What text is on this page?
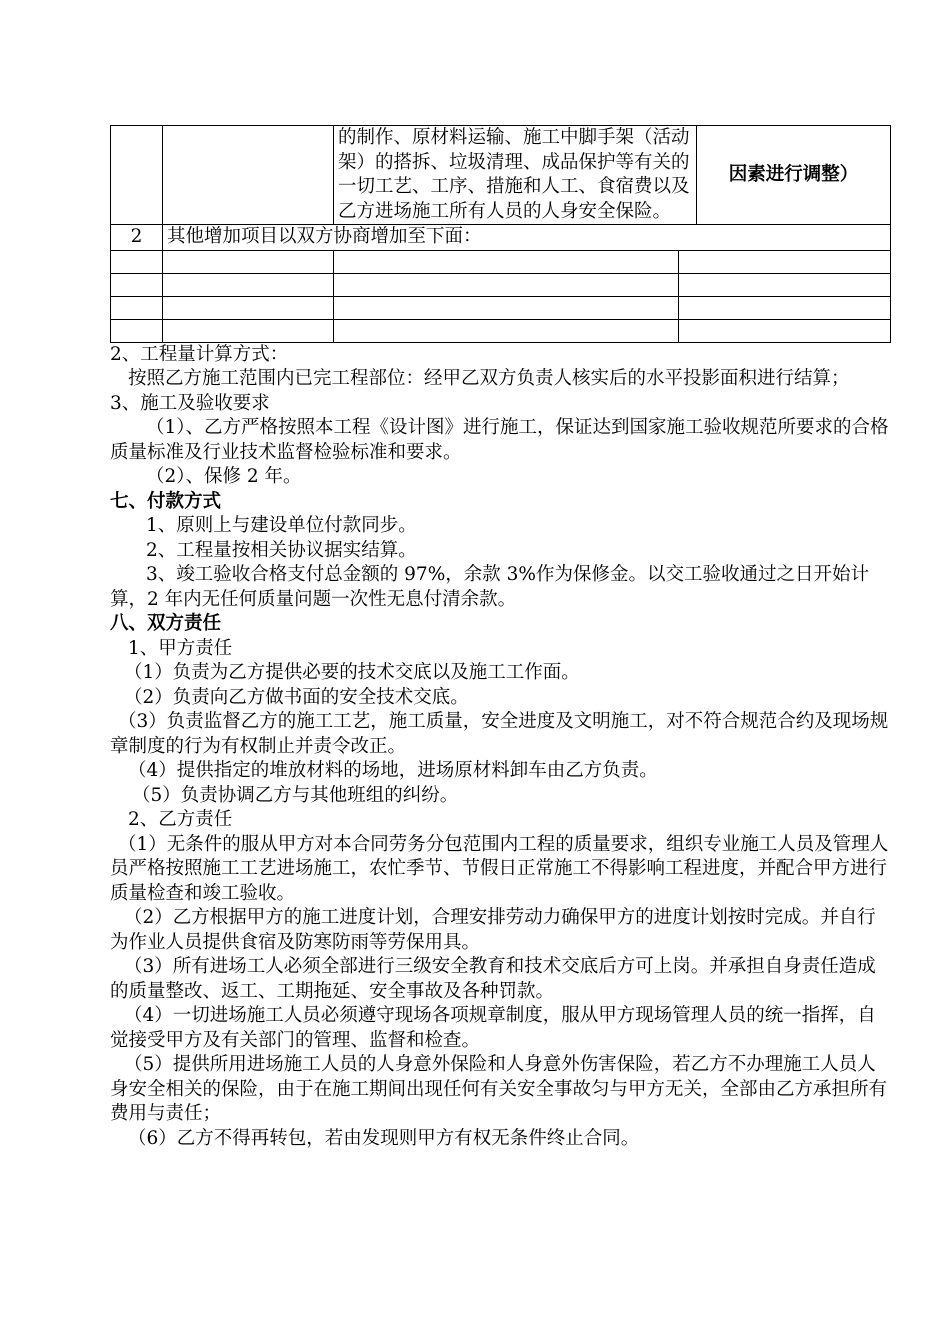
		的制作、原材料运输、施工中脚手架（活动架）的搭拆、垃圾清理、成品保护等有关的一切工艺、工序、措施和人工、食宿费以及乙方进场施工所有人员的人身安全保险。	因素进行调整）
2	其他增加项目以双方协商增加至下面：		

2、工程量计算方式：

按照乙方施工范围内已完工程部位：经甲乙双方负责人核实后的水平投影面积进行结算；

3、施工及验收要求

（1）、乙方严格按照本工程《设计图》进行施工，保证达到国家施工验收规范所要求的合格质量标准及行业技术监督检验标准和要求。

（2）、保修 2 年。

七、付款方式

1、原则上与建设单位付款同步。

2、工程量按相关协议据实结算。

3、竣工验收合格支付总金额的 97%，余款 3%作为保修金。以交工验收通过之日开始计算，2 年内无任何质量问题一次性无息付清余款。

八、双方责任

1、甲方责任

（1）负责为乙方提供必要的技术交底以及施工工作面。

（2）负责向乙方做书面的安全技术交底。

（3）负责监督乙方的施工工艺，施工质量，安全进度及文明施工，对不符合规范合约及现场规章制度的行为有权制止并责令改正。

（4）提供指定的堆放材料的场地，进场原材料卸车由乙方负责。

（5）负责协调乙方与其他班组的纠纷。

2、乙方责任

（1）无条件的服从甲方对本合同劳务分包范围内工程的质量要求，组织专业施工人员及管理人员严格按照施工工艺进场施工，农忙季节、节假日正常施工不得影响工程进度，并配合甲方进行质量检查和竣工验收。

（2）乙方根据甲方的施工进度计划，合理安排劳动力确保甲方的进度计划按时完成。并自行为作业人员提供食宿及防寒防雨等劳保用具。

（3）所有进场工人必须全部进行三级安全教育和技术交底后方可上岗。并承担自身责任造成的质量整改、返工、工期拖延、安全事故及各种罚款。

（4）一切进场施工人员必须遵守现场各项规章制度，服从甲方现场管理人员的统一指挥，自觉接受甲方及有关部门的管理、监督和检查。

（5）提供所用进场施工人员的人身意外保险和人身意外伤害保险，若乙方不办理施工人员人身安全相关的保险，由于在施工期间出现任何有关安全事故匀与甲方无关，全部由乙方承担所有费用与责任；

（6）乙方不得再转包，若由发现则甲方有权无条件终止合同。
